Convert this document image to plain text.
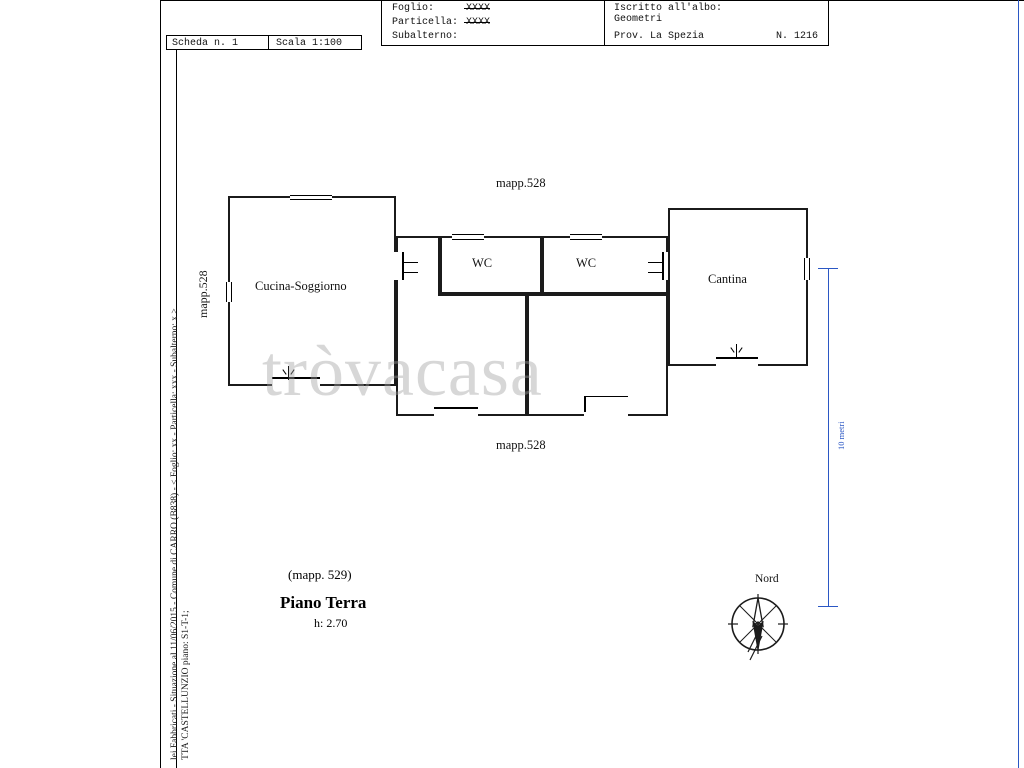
Scheda n. 1	Scala 1:100
Foglio:
Particella:
Subalterno:
Iscritto all'albo:
Geometri
Prov. La Spezia	N. 1216
lei Fabbricati - Situazione al 11/06/2015 - Comune di CARRO (B838) - < Foglio: xx - Particella: xxx - Subalterno: x > TTA 'CASTELLUNZIO piano: S1-T-1;
10 metri
Cucina-Soggiorno
WC	WC
Cantina
mapp.528
mapp.528
mapp.528
tròvacasa
(mapp. 529)
Piano Terra
h: 2.70
Nord
